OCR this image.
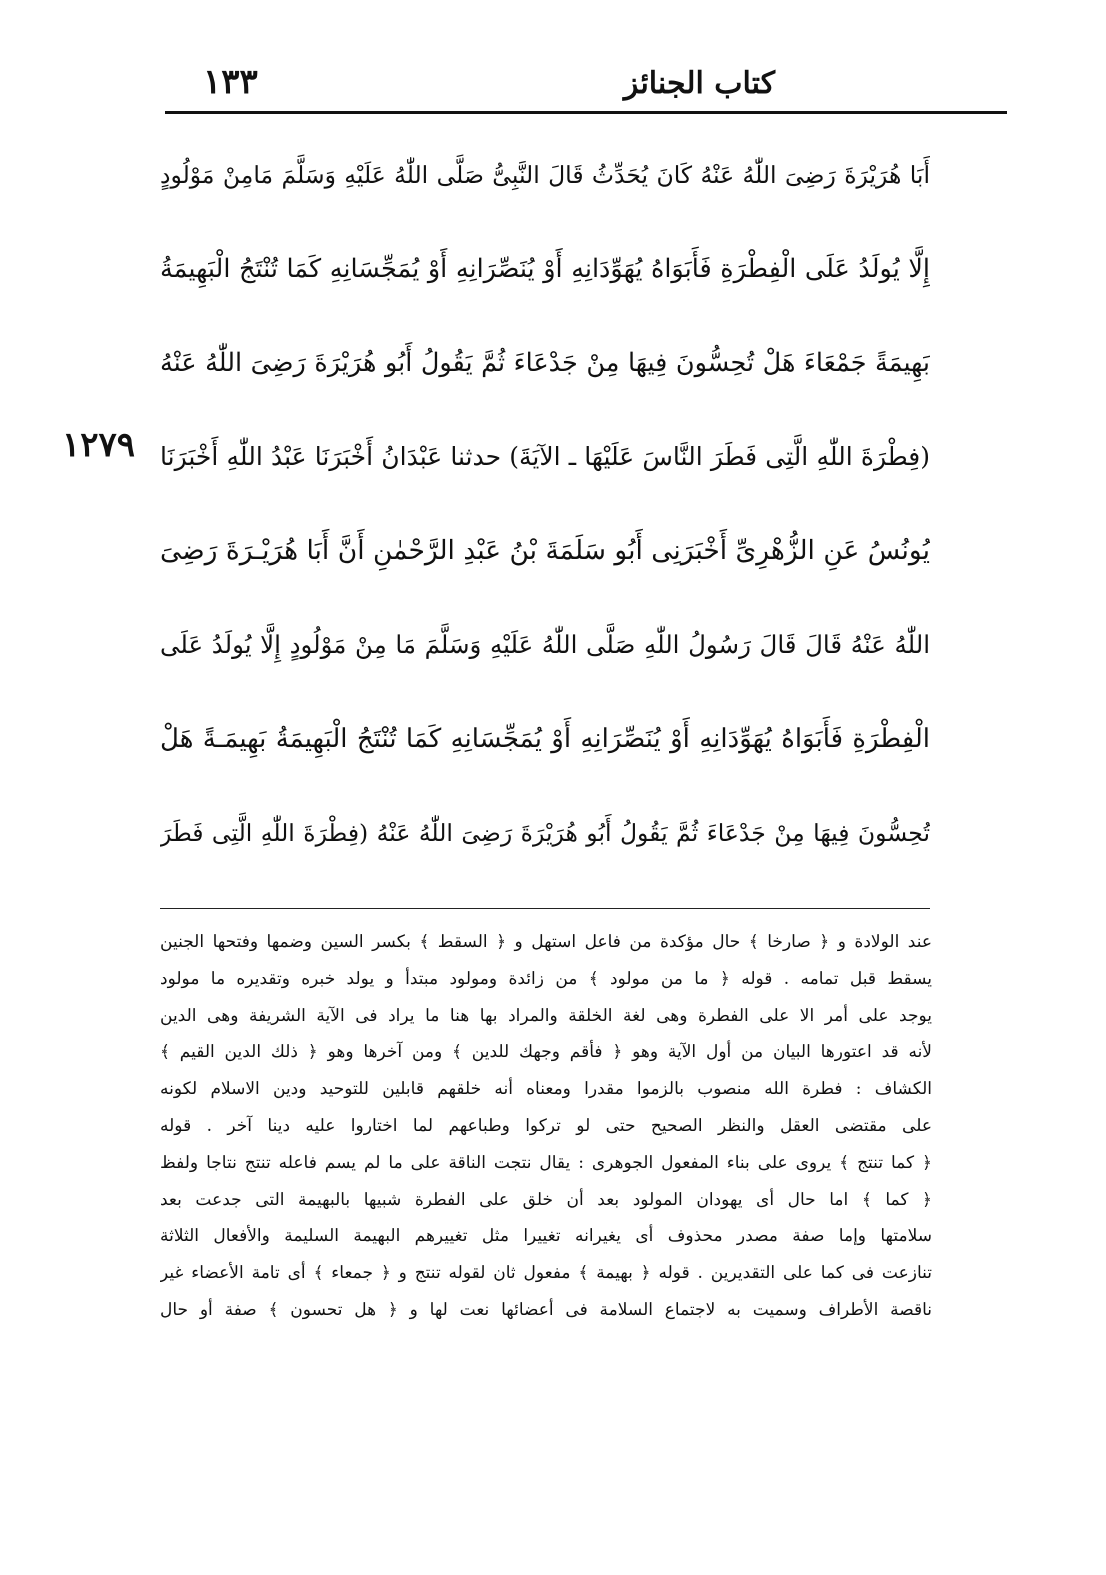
كتاب الجنائز
١٣٣
١٢٧٩
أَبَا هُرَيْرَةَ رَضِىَ اللّٰهُ عَنْهُ كَانَ يُحَدِّثُ قَالَ النَّبِىُّ صَلَّى اللّٰهُ عَلَيْهِ وَسَلَّمَ مَامِنْ مَوْلُودٍ
إِلَّا يُولَدُ عَلَى الْفِطْرَةِ فَأَبَوَاهُ يُهَوِّدَانِهِ أَوْ يُنَصِّرَانِهِ أَوْ يُمَجِّسَانِهِ كَمَا تُنْتَجُ الْبَهِيمَةُ
بَهِيمَةً جَمْعَاءَ هَلْ تُحِسُّونَ فِيهَا مِنْ جَدْعَاءَ ثُمَّ يَقُولُ أَبُو هُرَيْرَةَ رَضِىَ اللّٰهُ عَنْهُ
(فِطْرَةَ اللّٰهِ الَّتِى فَطَرَ النَّاسَ عَلَيْهَا ـ الآيَةَ) حدثنا عَبْدَانُ أَخْبَرَنَا عَبْدُ اللّٰهِ أَخْبَرَنَا
يُونُسُ عَنِ الزُّهْرِىِّ أَخْبَرَنِى أَبُو سَلَمَةَ بْنُ عَبْدِ الرَّحْمٰنِ أَنَّ أَبَا هُرَيْـرَةَ رَضِىَ
اللّٰهُ عَنْهُ قَالَ قَالَ رَسُولُ اللّٰهِ صَلَّى اللّٰهُ عَلَيْهِ وَسَلَّمَ مَا مِنْ مَوْلُودٍ إِلَّا يُولَدُ عَلَى
الْفِطْرَةِ فَأَبَوَاهُ يُهَوِّدَانِهِ أَوْ يُنَصِّرَانِهِ أَوْ يُمَجِّسَانِهِ كَمَا تُنْتَجُ الْبَهِيمَةُ بَهِيمَـةً هَلْ
تُحِسُّونَ فِيهَا مِنْ جَدْعَاءَ ثُمَّ يَقُولُ أَبُو هُرَيْرَةَ رَضِىَ اللّٰهُ عَنْهُ (فِطْرَةَ اللّٰهِ الَّتِى فَطَرَ
عند الولادة و ﴿ صارخا ﴾ حال مؤكدة من فاعل استهل و ﴿ السقط ﴾ بكسر السين وضمها وفتحها الجنين
يسقط قبل تمامه . قوله ﴿ ما من مولود ﴾ من زائدة ومولود مبتدأ و يولد خبره وتقديره ما مولود
يوجد على أمر الا على الفطرة وهى لغة الخلقة والمراد بها هنا ما يراد فى الآية الشريفة وهى الدين
لأنه قد اعتورها البيان من أول الآية وهو ﴿ فأقم وجهك للدين ﴾ ومن آخرها وهو ﴿ ذلك الدين القيم ﴾
الكشاف : فطرة الله منصوب بالزموا مقدرا ومعناه أنه خلقهم قابلين للتوحيد ودين الاسلام لكونه
على مقتضى العقل والنظر الصحيح حتى لو تركوا وطباعهم لما اختاروا عليه دينا آخر . قوله
﴿ كما تنتج ﴾ يروى على بناء المفعول الجوهرى : يقال نتجت الناقة على ما لم يسم فاعله تنتج نتاجا ولفظ
﴿ كما ﴾ اما حال أى يهودان المولود بعد أن خلق على الفطرة شبيها بالبهيمة التى جدعت بعد
سلامتها وإما صفة مصدر محذوف أى يغيرانه تغييرا مثل تغييرهم البهيمة السليمة والأفعال الثلاثة
تنازعت فى كما على التقديرين . قوله ﴿ بهيمة ﴾ مفعول ثان لقوله تنتج و ﴿ جمعاء ﴾ أى تامة الأعضاء غير
ناقصة الأطراف وسميت به لاجتماع السلامة فى أعضائها نعت لها و ﴿ هل تحسون ﴾ صفة أو حال
